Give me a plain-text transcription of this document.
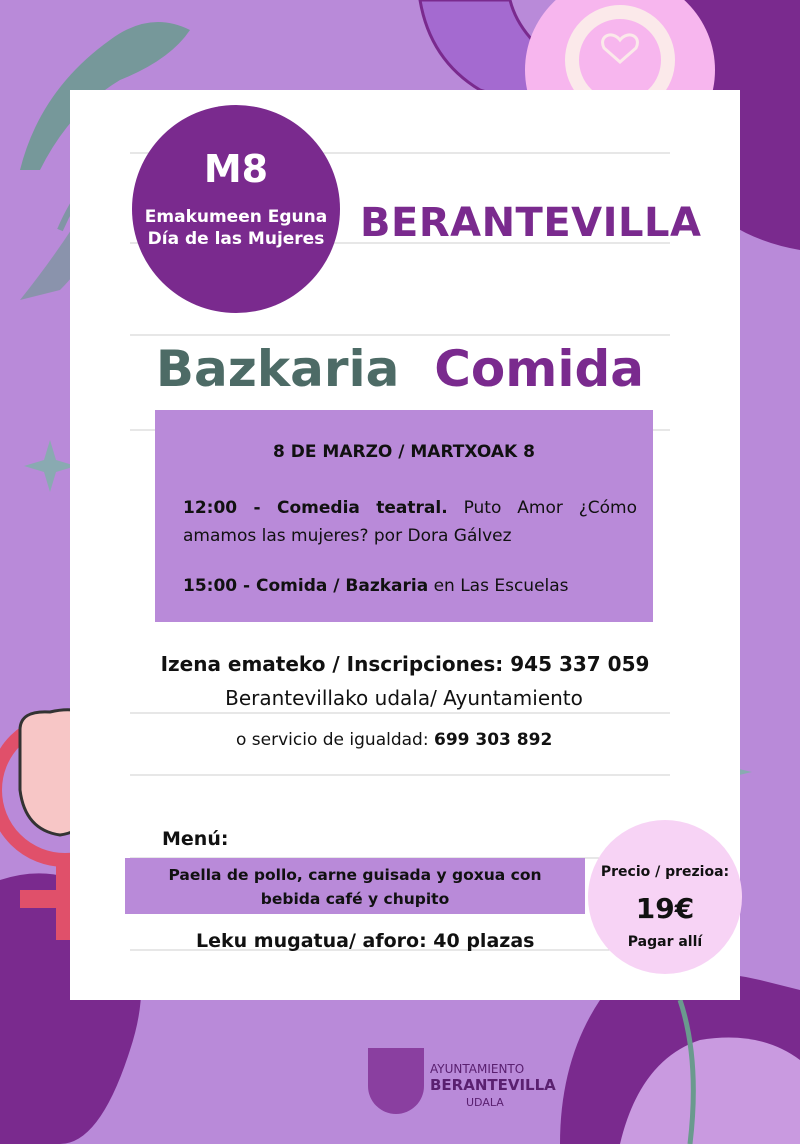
M8
Emakumeen Eguna
Día de las Mujeres BERANTEVILLA
Bazkaria Comida
8 DE MARZO / MARTXOAK 8
12:00 - Comedia teatral. Puto Amor ¿Cómo amamos las mujeres? por Dora Gálvez
15:00 - Comida / Bazkaria en Las Escuelas
Izena emateko / Inscripciones: 945 337 059
Berantevillako udala/ Ayuntamiento
o servicio de igualdad: 699 303 892
Menú:
Paella de pollo, carne guisada y goxua con
bebida café y chupito
Leku mugatua/ aforo: 40 plazas
Precio / prezioa:
19€
Pagar allí
AYUNTAMIENTO
BERANTEVILLA
UDALA
